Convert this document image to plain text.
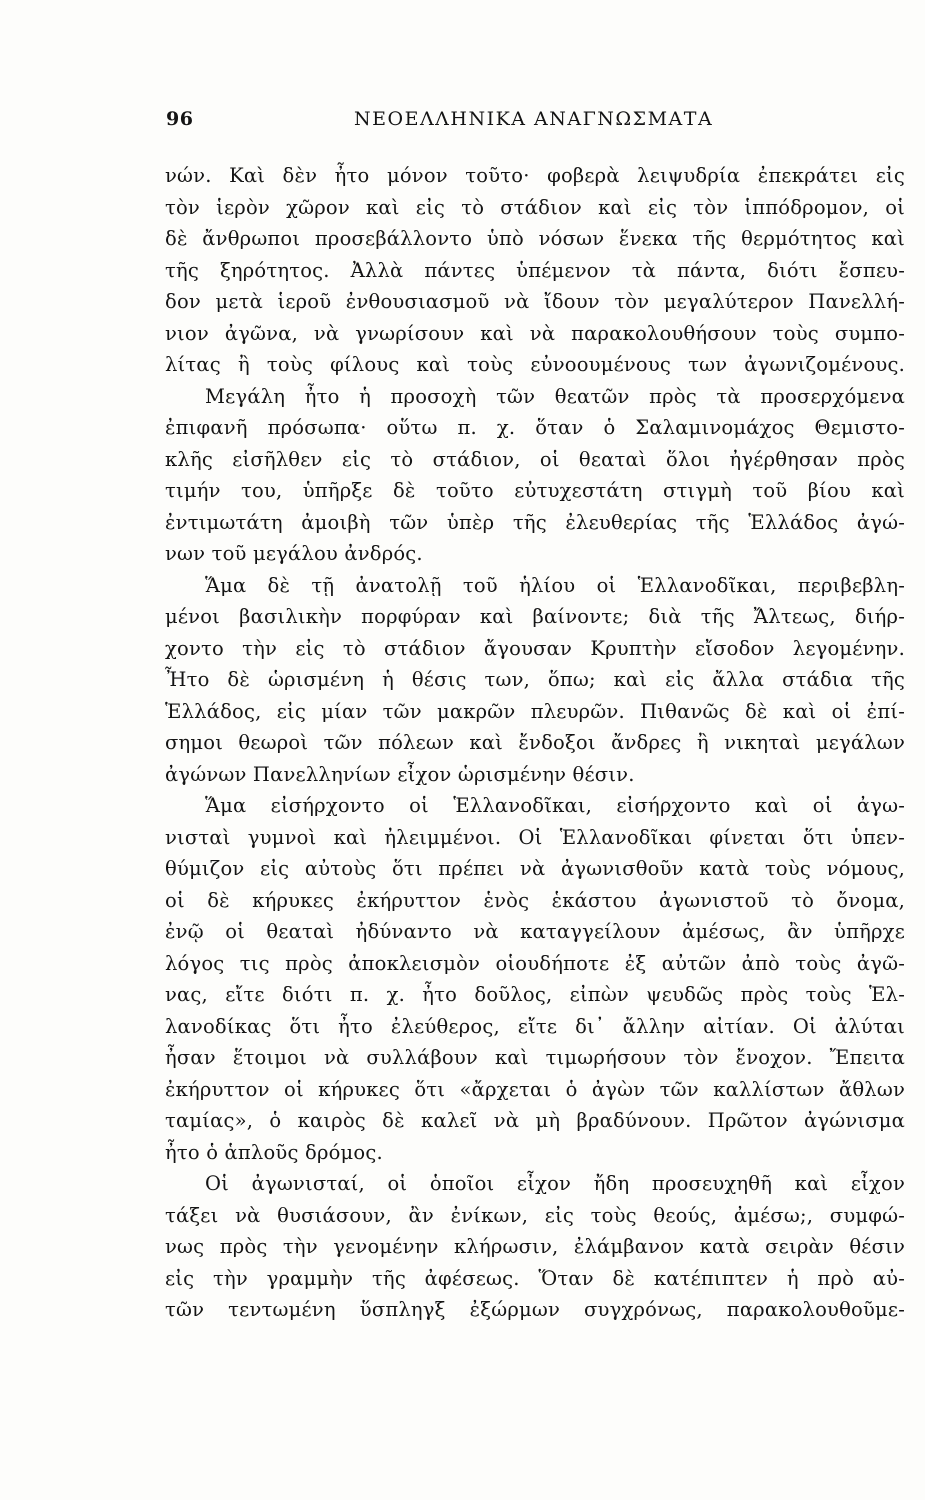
96	ΝΕΟΕΛΛΗΝΙΚΑ ΑΝΑΓΝΩΣΜΑΤΑ
νών. Καὶ δὲν ἦτο μόνον τοῦτο· φοβερὰ λειψυδρία ἐπεκράτει εἰς
τὸν ἱερὸν χῶρον καὶ εἰς τὸ στάδιον καὶ εἰς τὸν ἱππόδρομον, οἱ
δὲ ἄνθρωποι προσεβάλλοντο ὑπὸ νόσων ἕνεκα τῆς θερμότητος καὶ
τῆς ξηρότητος. Ἀλλὰ πάντες ὑπέμενον τὰ πάντα, διότι ἔσπευ-
δον μετὰ ἱεροῦ ἐνθουσιασμοῦ νὰ ἴδουν τὸν μεγαλύτερον Πανελλή-
νιον ἀγῶνα, νὰ γνωρίσουν καὶ νὰ παρακολουθήσουν τοὺς συμπο-
λίτας ἢ τοὺς φίλους καὶ τοὺς εὐνοουμένους των ἀγωνιζομένους.
Μεγάλη ἦτο ἡ προσοχὴ τῶν θεατῶν πρὸς τὰ προσερχόμενα
ἐπιφανῆ πρόσωπα· οὕτω π. χ. ὅταν ὁ Σαλαμινομάχος Θεμιστο-
κλῆς εἰσῆλθεν εἰς τὸ στάδιον, οἱ θεαταὶ ὅλοι ἠγέρθησαν πρὸς
τιμήν του, ὑπῆρξε δὲ τοῦτο εὐτυχεστάτη στιγμὴ τοῦ βίου καὶ
ἐντιμωτάτη ἀμοιβὴ τῶν ὑπὲρ τῆς ἐλευθερίας τῆς Ἑλλάδος ἀγώ-
νων τοῦ μεγάλου ἀνδρός.
Ἅμα δὲ τῇ ἀνατολῇ τοῦ ἡλίου οἱ Ἑλλανοδῖκαι, περιβεβλη-
μένοι βασιλικὴν πορφύραν καὶ βαίνοντε; διὰ τῆς Ἄλτεως, διήρ-
χοντο τὴν εἰς τὸ στάδιον ἄγουσαν Κρυπτὴν εἴσοδον λεγομένην.
Ἦτο δὲ ὡρισμένη ἡ θέσις των, ὅπω; καὶ εἰς ἄλλα στάδια τῆς
Ἑλλάδος, εἰς μίαν τῶν μακρῶν πλευρῶν. Πιθανῶς δὲ καὶ οἱ ἐπί-
σημοι θεωροὶ τῶν πόλεων καὶ ἔνδοξοι ἄνδρες ἢ νικηταὶ μεγάλων
ἀγώνων Πανελληνίων εἶχον ὡρισμένην θέσιν.
Ἅμα εἰσήρχοντο οἱ Ἑλλανοδῖκαι, εἰσήρχοντο καὶ οἱ ἀγω-
νισταὶ γυμνοὶ καὶ ἠλειμμένοι. Οἱ Ἑλλανοδῖκαι φίνεται ὅτι ὑπεν-
θύμιζον εἰς αὐτοὺς ὅτι πρέπει νὰ ἀγωνισθοῦν κατὰ τοὺς νόμους,
οἱ δὲ κήρυκες ἐκήρυττον ἑνὸς ἑκάστου ἀγωνιστοῦ τὸ ὄνομα,
ἐνῷ οἱ θεαταὶ ἠδύναντο νὰ καταγγείλουν ἀμέσως, ἂν ὑπῆρχε
λόγος τις πρὸς ἀποκλεισμὸν οἱουδήποτε ἐξ αὐτῶν ἀπὸ τοὺς ἀγῶ-
νας, εἴτε διότι π. χ. ἦτο δοῦλος, εἰπὼν ψευδῶς πρὸς τοὺς Ἑλ-
λανοδίκας ὅτι ἦτο ἐλεύθερος, εἴτε δι᾿ ἄλλην αἰτίαν. Οἱ ἀλύται
ἦσαν ἕτοιμοι νὰ συλλάβουν καὶ τιμωρήσουν τὸν ἔνοχον. Ἔπειτα
ἐκήρυττον οἱ κήρυκες ὅτι «ἄρχεται ὁ ἀγὼν τῶν καλλίστων ἄθλων
ταμίας», ὁ καιρὸς δὲ καλεῖ νὰ μὴ βραδύνουν. Πρῶτον ἀγώνισμα
ἦτο ὁ ἁπλοῦς δρόμος.
Οἱ ἀγωνισταί, οἱ ὁποῖοι εἶχον ἤδη προσευχηθῆ καὶ εἶχον
τάξει νὰ θυσιάσουν, ἂν ἐνίκων, εἰς τοὺς θεούς, ἀμέσω;, συμφώ-
νως πρὸς τὴν γενομένην κλήρωσιν, ἐλάμβανον κατὰ σειρὰν θέσιν
εἰς τὴν γραμμὴν τῆς ἀφέσεως. Ὅταν δὲ κατέπιπτεν ἡ πρὸ αὐ-
τῶν τεντωμένη ὕσπληγξ ἐξώρμων συγχρόνως, παρακολουθοῦμε-
